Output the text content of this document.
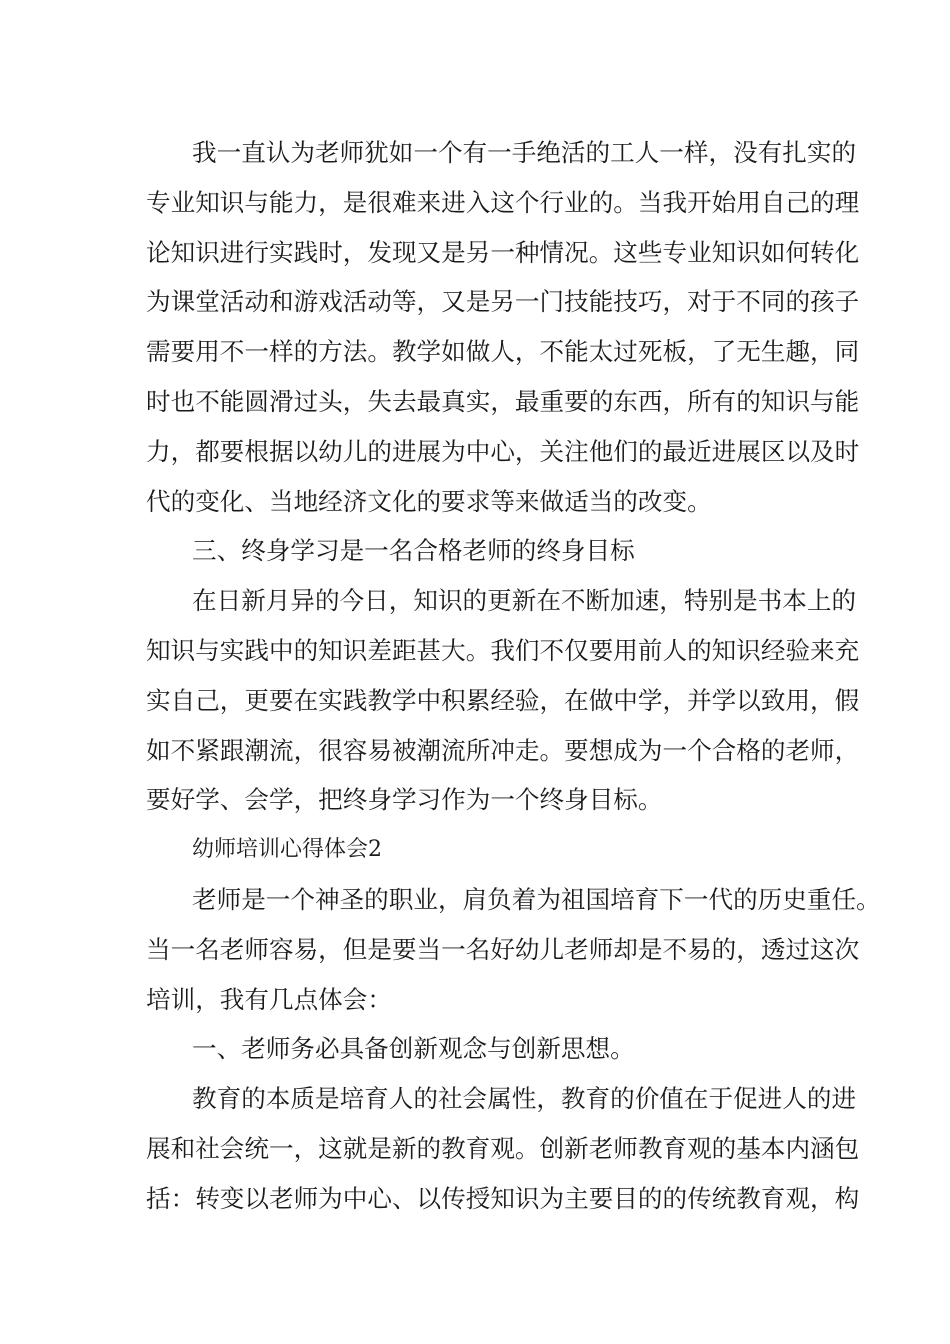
我一直认为老师犹如一个有一手绝活的工人一样，没有扎实的
专业知识与能力，是很难来进入这个行业的。当我开始用自己的理
论知识进行实践时，发现又是另一种情况。这些专业知识如何转化
为课堂活动和游戏活动等，又是另一门技能技巧，对于不同的孩子
需要用不一样的方法。教学如做人，不能太过死板，了无生趣，同
时也不能圆滑过头，失去最真实，最重要的东西，所有的知识与能
力，都要根据以幼儿的进展为中心，关注他们的最近进展区以及时
代的变化、当地经济文化的要求等来做适当的改变。
三、终身学习是一名合格老师的终身目标
在日新月异的今日，知识的更新在不断加速，特别是书本上的
知识与实践中的知识差距甚大。我们不仅要用前人的知识经验来充
实自己，更要在实践教学中积累经验，在做中学，并学以致用，假
如不紧跟潮流，很容易被潮流所冲走。要想成为一个合格的老师，
要好学、会学，把终身学习作为一个终身目标。
幼师培训心得体会2
老师是一个神圣的职业，肩负着为祖国培育下一代的历史重任。
当一名老师容易，但是要当一名好幼儿老师却是不易的，透过这次
培训，我有几点体会：
一、老师务必具备创新观念与创新思想。
教育的本质是培育人的社会属性，教育的价值在于促进人的进
展和社会统一，这就是新的教育观。创新老师教育观的基本内涵包
括：转变以老师为中心、以传授知识为主要目的的传统教育观，构
